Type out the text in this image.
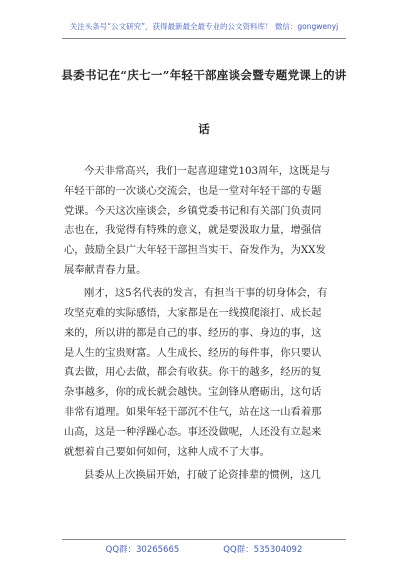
关注头条号“公文研究”，获得最新最全最专业的公文资料库！ 微信：gongwenyj
县委书记在“庆七一”年轻干部座谈会暨专题党课上的讲
话

今天非常高兴，我们一起喜迎建党103周年，这既是与
年轻干部的一次谈心交流会，也是一堂对年轻干部的专题
党课。今天这次座谈会，乡镇党委书记和有关部门负责同
志也在，我觉得有特殊的意义，就是要汲取力量，增强信
心，鼓励全县广大年轻干部担当实干、奋发作为，为XX发
展奉献青春力量。

刚才，这5名代表的发言，有担当干事的切身体会，有
攻坚克难的实际感悟，大家都是在一线摸爬滚打、成长起
来的，所以讲的都是自己的事、经历的事、身边的事，这
是人生的宝贵财富。人生成长、经历的每件事，你只要认
真去做，用心去做，都会有收获。你干的越多，经历的复
杂事越多，你的成长就会越快。宝剑锋从磨砺出，这句话
非常有道理。如果年轻干部沉不住气，站在这一山看着那
山高，这是一种浮躁心态。事还没做呢，人还没有立起来
就想着自己要如何如何，这种人成不了大事。

县委从上次换届开始，打破了论资排辈的惯例，这几

QQ群：30265665	QQ群：535304092
